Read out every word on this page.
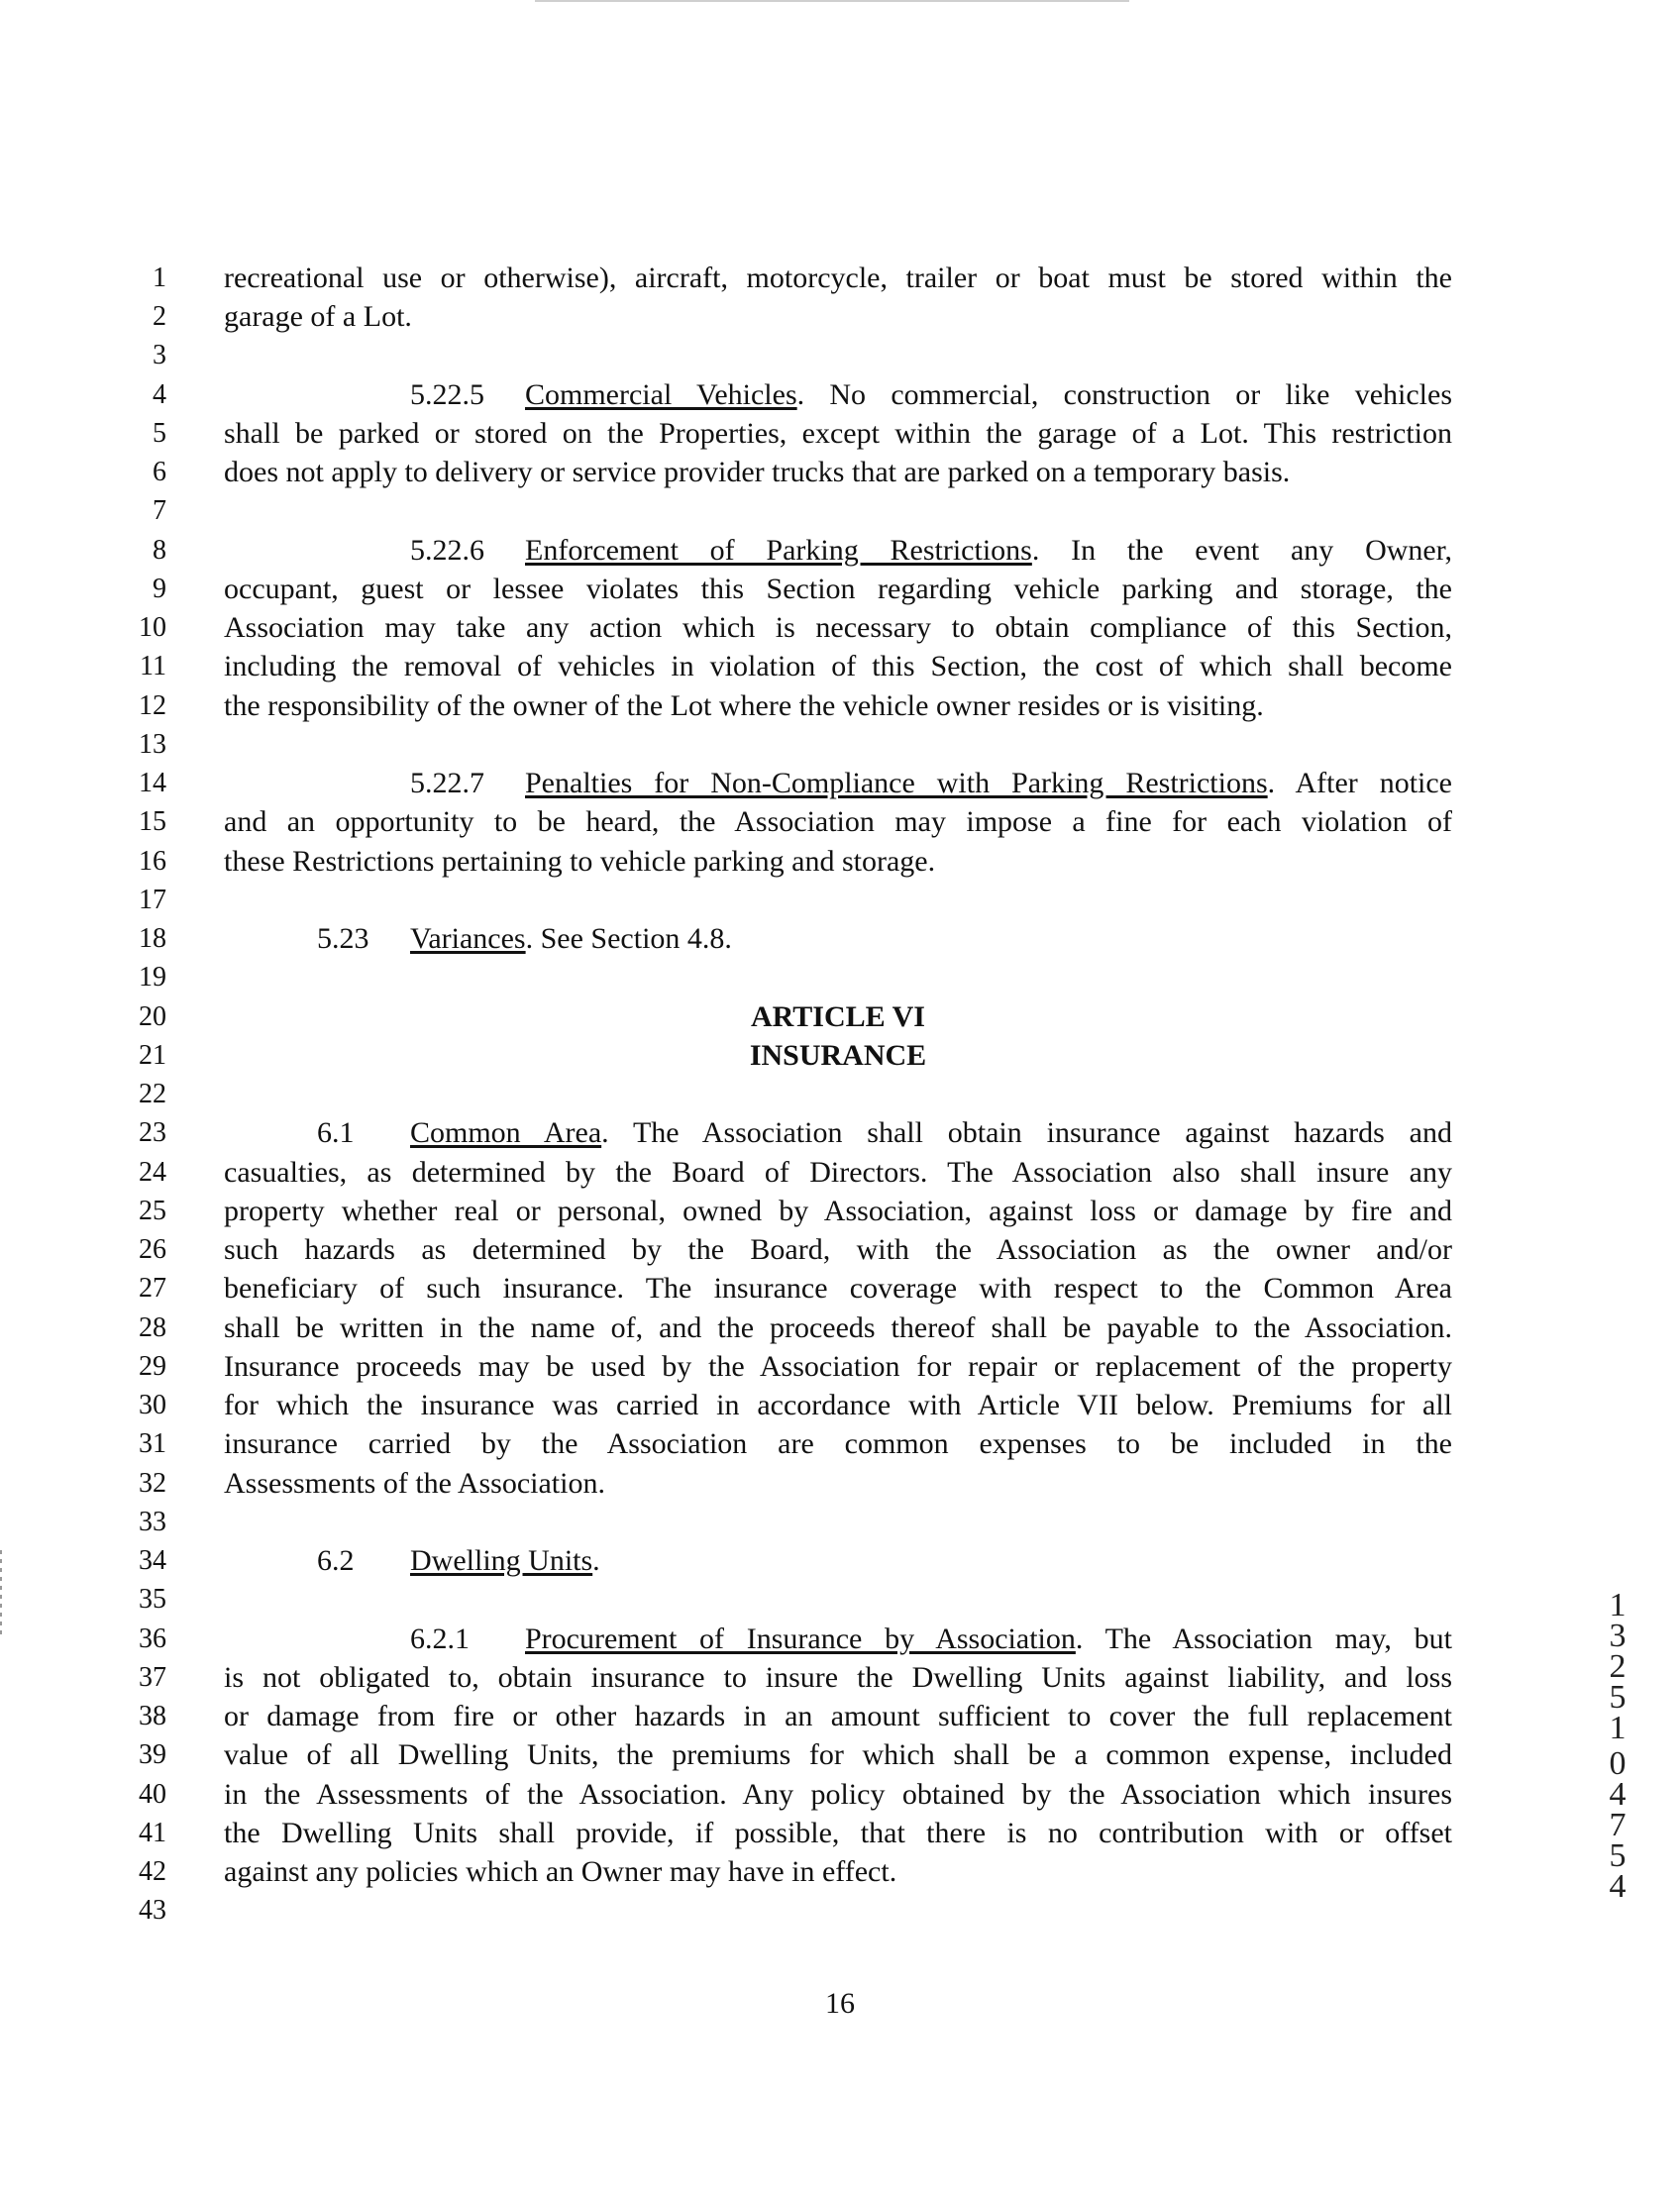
1
2
3
4
5
6
7
8
9
10
11
12
13
14
15
16
17
18
19
20
21
22
23
24
25
26
27
28
29
30
31
32
33
34
35
36
37
38
39
40
41
42
43
recreational use or otherwise), aircraft, motorcycle, trailer or boat must be stored within the
garage of a Lot.
5.22.5 Commercial Vehicles. No commercial, construction or like vehicles
shall be parked or stored on the Properties, except within the garage of a Lot. This restriction
does not apply to delivery or service provider trucks that are parked on a temporary basis.
5.22.6 Enforcement of Parking Restrictions. In the event any Owner,
occupant, guest or lessee violates this Section regarding vehicle parking and storage, the
Association may take any action which is necessary to obtain compliance of this Section,
including the removal of vehicles in violation of this Section, the cost of which shall become
the responsibility of the owner of the Lot where the vehicle owner resides or is visiting.
5.22.7 Penalties for Non-Compliance with Parking Restrictions. After notice
and an opportunity to be heard, the Association may impose a fine for each violation of
these Restrictions pertaining to vehicle parking and storage.
5.23 Variances. See Section 4.8.
ARTICLE VI
INSURANCE
6.1 Common Area. The Association shall obtain insurance against hazards and
casualties, as determined by the Board of Directors. The Association also shall insure any
property whether real or personal, owned by Association, against loss or damage by fire and
such hazards as determined by the Board, with the Association as the owner and/or
beneficiary of such insurance. The insurance coverage with respect to the Common Area
shall be written in the name of, and the proceeds thereof shall be payable to the Association.
Insurance proceeds may be used by the Association for repair or replacement of the property
for which the insurance was carried in accordance with Article VII below. Premiums for all
insurance carried by the Association are common expenses to be included in the
Assessments of the Association.
6.2 Dwelling Units.
6.2.1 Procurement of Insurance by Association. The Association may, but
is not obligated to, obtain insurance to insure the Dwelling Units against liability, and loss
or damage from fire or other hazards in an amount sufficient to cover the full replacement
value of all Dwelling Units, the premiums for which shall be a common expense, included
in the Assessments of the Association. Any policy obtained by the Association which insures
the Dwelling Units shall provide, if possible, that there is no contribution with or offset
against any policies which an Owner may have in effect.
1
3
2
5
1
0
4
7
5
4
16
